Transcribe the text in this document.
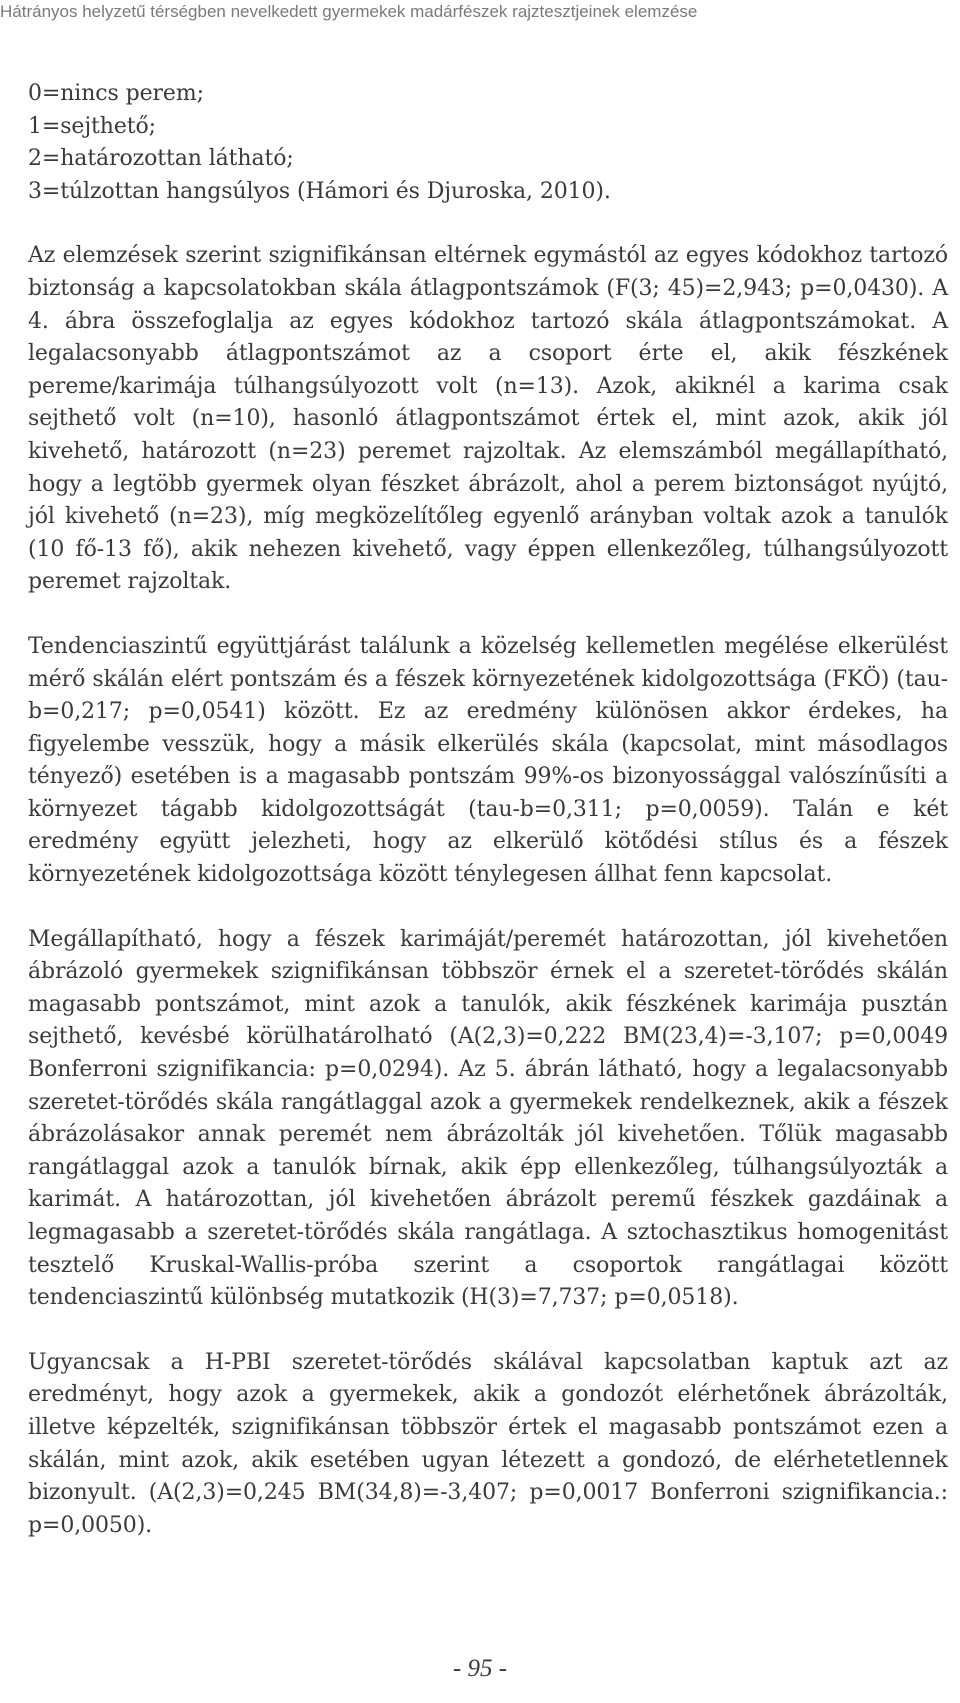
Hátrányos helyzetű térségben nevelkedett gyermekek madárfészek rajztesztjeinek elemzése
0=nincs perem;
1=sejthető;
2=határozottan látható;
3=túlzottan hangsúlyos (Hámori és Djuroska, 2010).

Az elemzések szerint szignifikánsan eltérnek egymástól az egyes kódokhoz tartozó biztonság a kapcsolatokban skála átlagpontszámok (F(3; 45)=2,943; p=0,0430). A 4. ábra összefoglalja az egyes kódokhoz tartozó skála átlagpontszámokat. A legalacsonyabb átlagpontszámot az a csoport érte el, akik fészkének pereme/karimája túlhangsúlyozott volt (n=13). Azok, akiknél a karima csak sejthető volt (n=10), hasonló átlagpontszámot értek el, mint azok, akik jól kivehető, határozott (n=23) peremet rajzoltak. Az elemszámból megállapítható, hogy a legtöbb gyermek olyan fészket ábrázolt, ahol a perem biztonságot nyújtó, jól kivehető (n=23), míg megközelítőleg egyenlő arányban voltak azok a tanulók (10 fő-13 fő), akik nehezen kivehető, vagy éppen ellenkezőleg, túlhangsúlyozott peremet rajzoltak.

Tendenciaszintű együttjárást találunk a közelség kellemetlen megélése elkerülést mérő skálán elért pontszám és a fészek környezetének kidolgozottsága (FKÖ) (tau-b=0,217; p=0,0541) között. Ez az eredmény különösen akkor érdekes, ha figyelembe vesszük, hogy a másik elkerülés skála (kapcsolat, mint másodlagos tényező) esetében is a magasabb pontszám 99%-os bizonyossággal valószínűsíti a környezet tágabb kidolgozottságát (tau-b=0,311; p=0,0059). Talán e két eredmény együtt jelezheti, hogy az elkerülő kötődési stílus és a fészek környezetének kidolgozottsága között ténylegesen állhat fenn kapcsolat.

Megállapítható, hogy a fészek karimáját/peremét határozottan, jól kivehetően ábrázoló gyermekek szignifikánsan többször érnek el a szeretet-törődés skálán magasabb pontszámot, mint azok a tanulók, akik fészkének karimája pusztán sejthető, kevésbé körülhatárolható (A(2,3)=0,222 BM(23,4)=-3,107; p=0,0049 Bonferroni szignifikancia: p=0,0294). Az 5. ábrán látható, hogy a legalacsonyabb szeretet-törődés skála rangátlaggal azok a gyermekek rendelkeznek, akik a fészek ábrázolásakor annak peremét nem ábrázolták jól kivehetően. Tőlük magasabb rangátlaggal azok a tanulók bírnak, akik épp ellenkezőleg, túlhangsúlyozták a karimát. A határozottan, jól kivehetően ábrázolt peremű fészkek gazdáinak a legmagasabb a szeretet-törődés skála rangátlaga. A sztochasztikus homogenitást tesztelő Kruskal-Wallis-próba szerint a csoportok rangátlagai között tendenciaszintű különbség mutatkozik (H(3)=7,737; p=0,0518).

Ugyancsak a H-PBI szeretet-törődés skálával kapcsolatban kaptuk azt az eredményt, hogy azok a gyermekek, akik a gondozót elérhetőnek ábrázolták, illetve képzelték, szignifikánsan többször értek el magasabb pontszámot ezen a skálán, mint azok, akik esetében ugyan létezett a gondozó, de elérhetetlennek bizonyult. (A(2,3)=0,245 BM(34,8)=-3,407; p=0,0017 Bonferroni szignifikancia.: p=0,0050).

- 95 -
